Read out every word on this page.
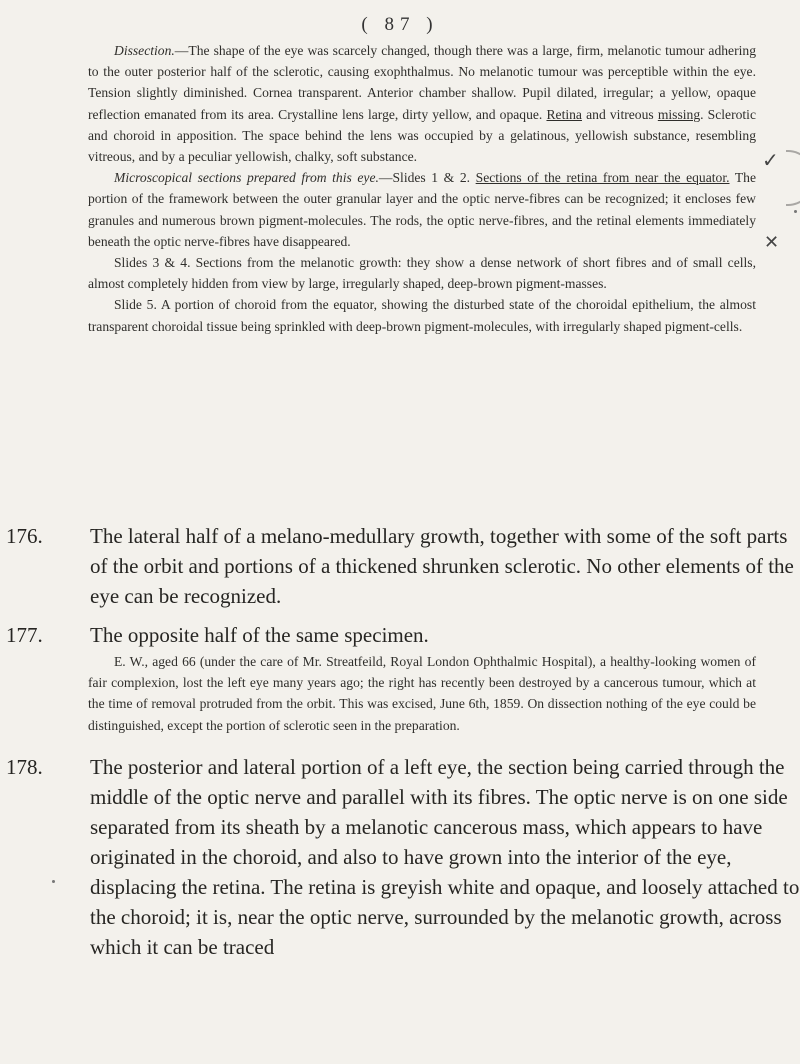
( 87 )

Dissection.—The shape of the eye was scarcely changed, though there was a large, firm, melanotic tumour adhering to the outer posterior half of the sclerotic, causing exophthalmus. No melanotic tumour was perceptible within the eye. Tension slightly diminished. Cornea transparent. Anterior chamber shallow. Pupil dilated, irregular; a yellow, opaque reflection emanated from its area. Crystalline lens large, dirty yellow, and opaque. Retina and vitreous missing. Sclerotic and choroid in apposition. The space behind the lens was occupied by a gelatinous, yellowish substance, resembling vitreous, and by a peculiar yellowish, chalky, soft substance.

Microscopical sections prepared from this eye.—Slides 1 & 2. Sections of the retina from near the equator. The portion of the framework between the outer granular layer and the optic nerve-fibres can be recognized; it encloses few granules and numerous brown pigment-molecules. The rods, the optic nerve-fibres, and the retinal elements immediately beneath the optic nerve-fibres have disappeared.

Slides 3 & 4. Sections from the melanotic growth: they show a dense network of short fibres and of small cells, almost completely hidden from view by large, irregularly shaped, deep-brown pigment-masses.

Slide 5. A portion of choroid from the equator, showing the disturbed state of the choroidal epithelium, the almost transparent choroidal tissue being sprinkled with deep-brown pigment-molecules, with irregularly shaped pigment-cells.

✓
✕
176. The lateral half of a melano-medullary growth, together with some of the soft parts of the orbit and portions of a thickened shrunken sclerotic. No other elements of the eye can be recognized.
177. The opposite half of the same specimen.

E. W., aged 66 (under the care of Mr. Streatfeild, Royal London Ophthalmic Hospital), a healthy-looking women of fair complexion, lost the left eye many years ago; the right has recently been destroyed by a cancerous tumour, which at the time of removal protruded from the orbit. This was excised, June 6th, 1859. On dissection nothing of the eye could be distinguished, except the portion of sclerotic seen in the preparation.

178. The posterior and lateral portion of a left eye, the section being carried through the middle of the optic nerve and parallel with its fibres. The optic nerve is on one side separated from its sheath by a melanotic cancerous mass, which appears to have originated in the choroid, and also to have grown into the interior of the eye, displacing the retina. The retina is greyish white and opaque, and loosely attached to the choroid; it is, near the optic nerve, surrounded by the melanotic growth, across which it can be traced
